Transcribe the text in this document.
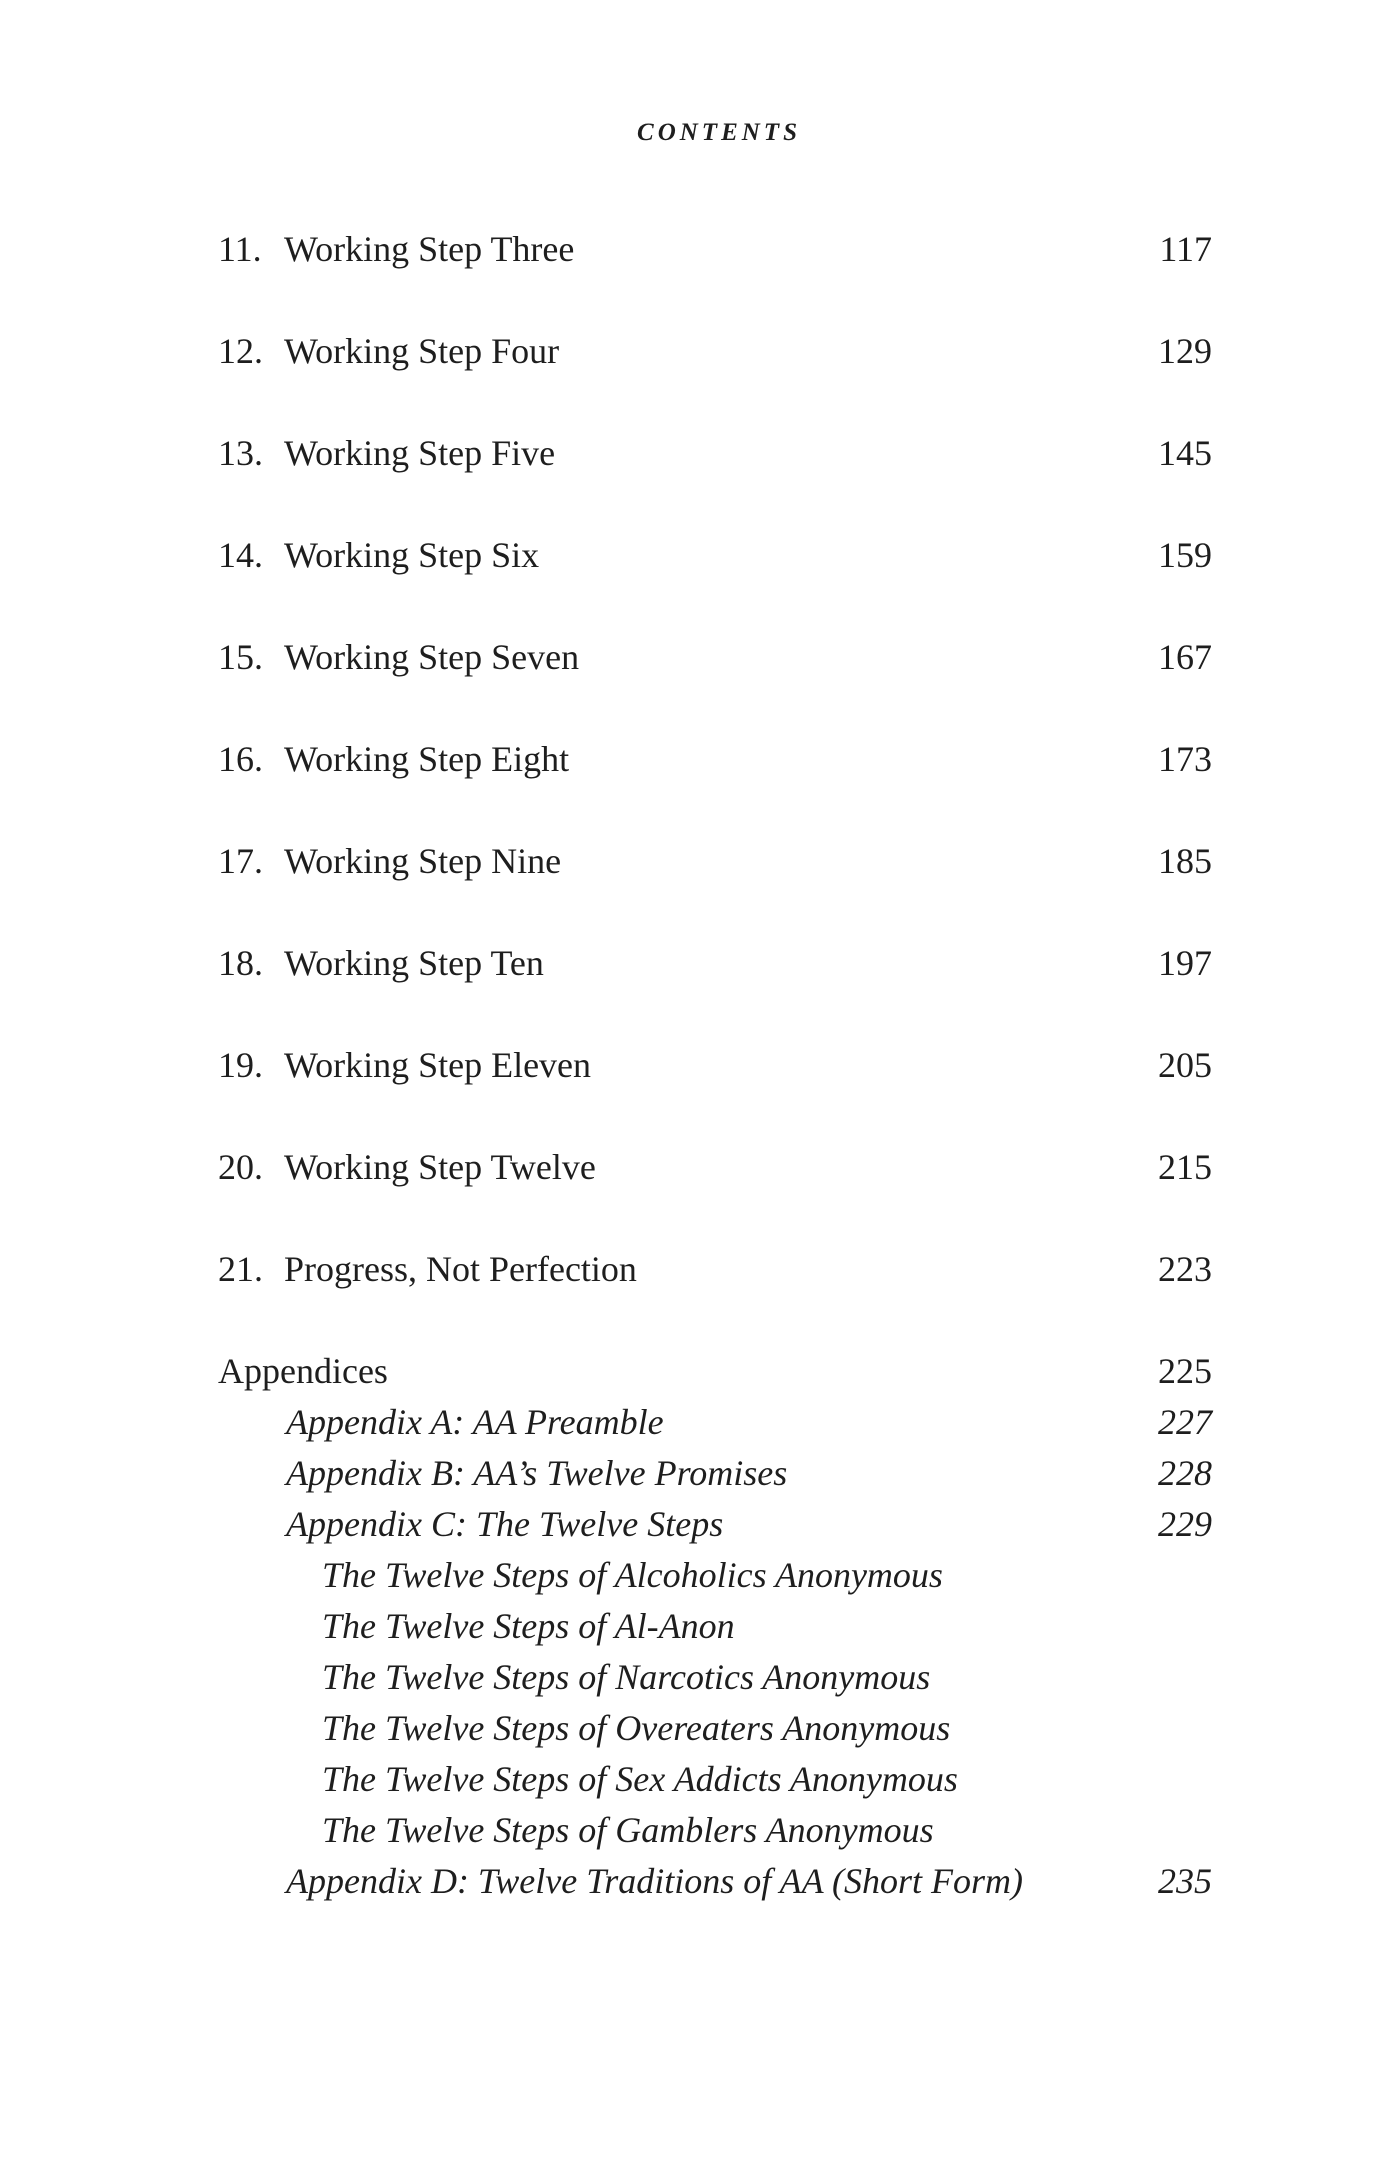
CONTENTS
11. Working Step Three	117
12. Working Step Four	129
13. Working Step Five	145
14. Working Step Six	159
15. Working Step Seven	167
16. Working Step Eight	173
17. Working Step Nine	185
18. Working Step Ten	197
19. Working Step Eleven	205
20. Working Step Twelve	215
21. Progress, Not Perfection	223
Appendices	225
Appendix A: AA Preamble	227
Appendix B: AA’s Twelve Promises	228
Appendix C: The Twelve Steps	229
The Twelve Steps of Alcoholics Anonymous
The Twelve Steps of Al-Anon
The Twelve Steps of Narcotics Anonymous
The Twelve Steps of Overeaters Anonymous
The Twelve Steps of Sex Addicts Anonymous
The Twelve Steps of Gamblers Anonymous
Appendix D: Twelve Traditions of AA (Short Form)	235
